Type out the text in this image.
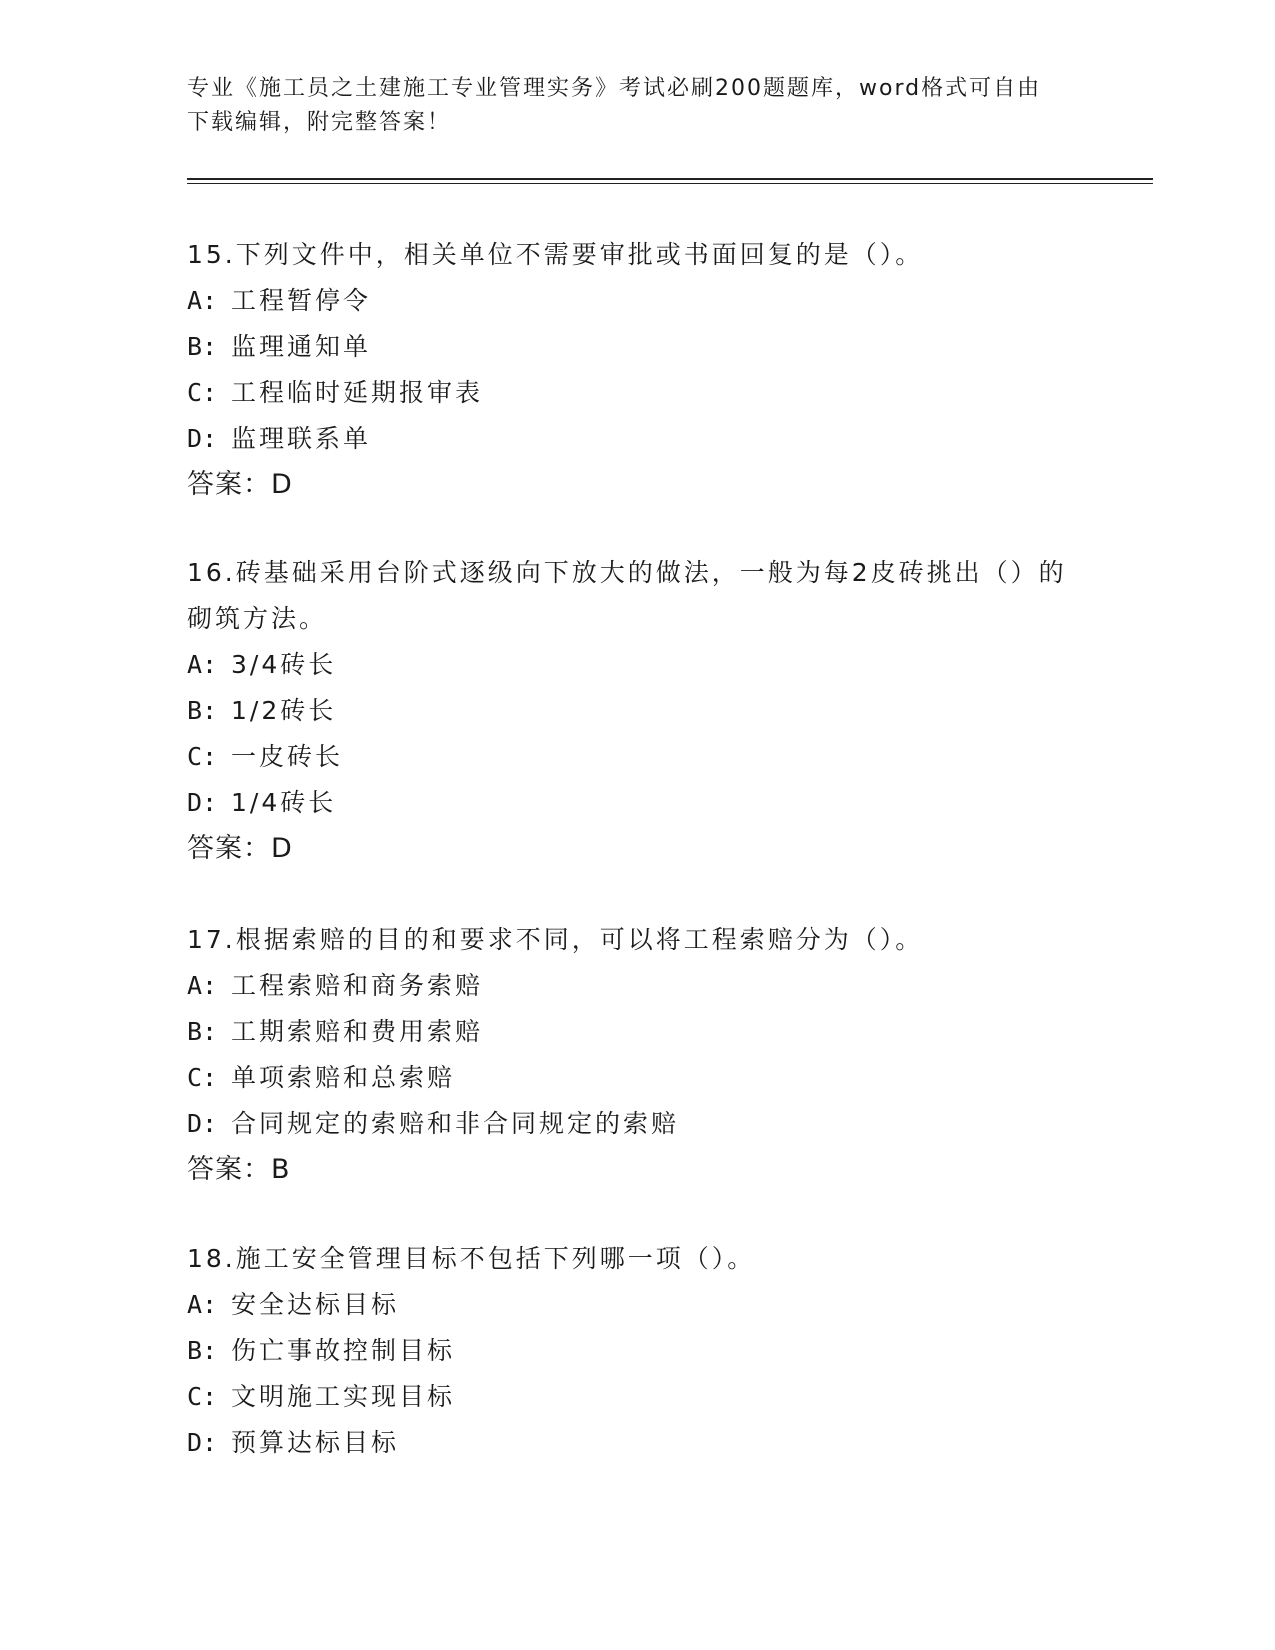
专业《施工员之土建施工专业管理实务》考试必刷200题题库，word格式可自由
下载编辑，附完整答案！

15.下列文件中，相关单位不需要审批或书面回复的是（）。

A: 工程暂停令
B: 监理通知单
C: 工程临时延期报审表
D: 监理联系单
答案：D

16.砖基础采用台阶式逐级向下放大的做法，一般为每2皮砖挑出（）的砌筑方法。

A: 3/4砖长
B: 1/2砖长
C: 一皮砖长
D: 1/4砖长
答案：D

17.根据索赔的目的和要求不同，可以将工程索赔分为（）。

A: 工程索赔和商务索赔
B: 工期索赔和费用索赔
C: 单项索赔和总索赔
D: 合同规定的索赔和非合同规定的索赔
答案：B

18.施工安全管理目标不包括下列哪一项（）。

A: 安全达标目标
B: 伤亡事故控制目标
C: 文明施工实现目标
D: 预算达标目标
